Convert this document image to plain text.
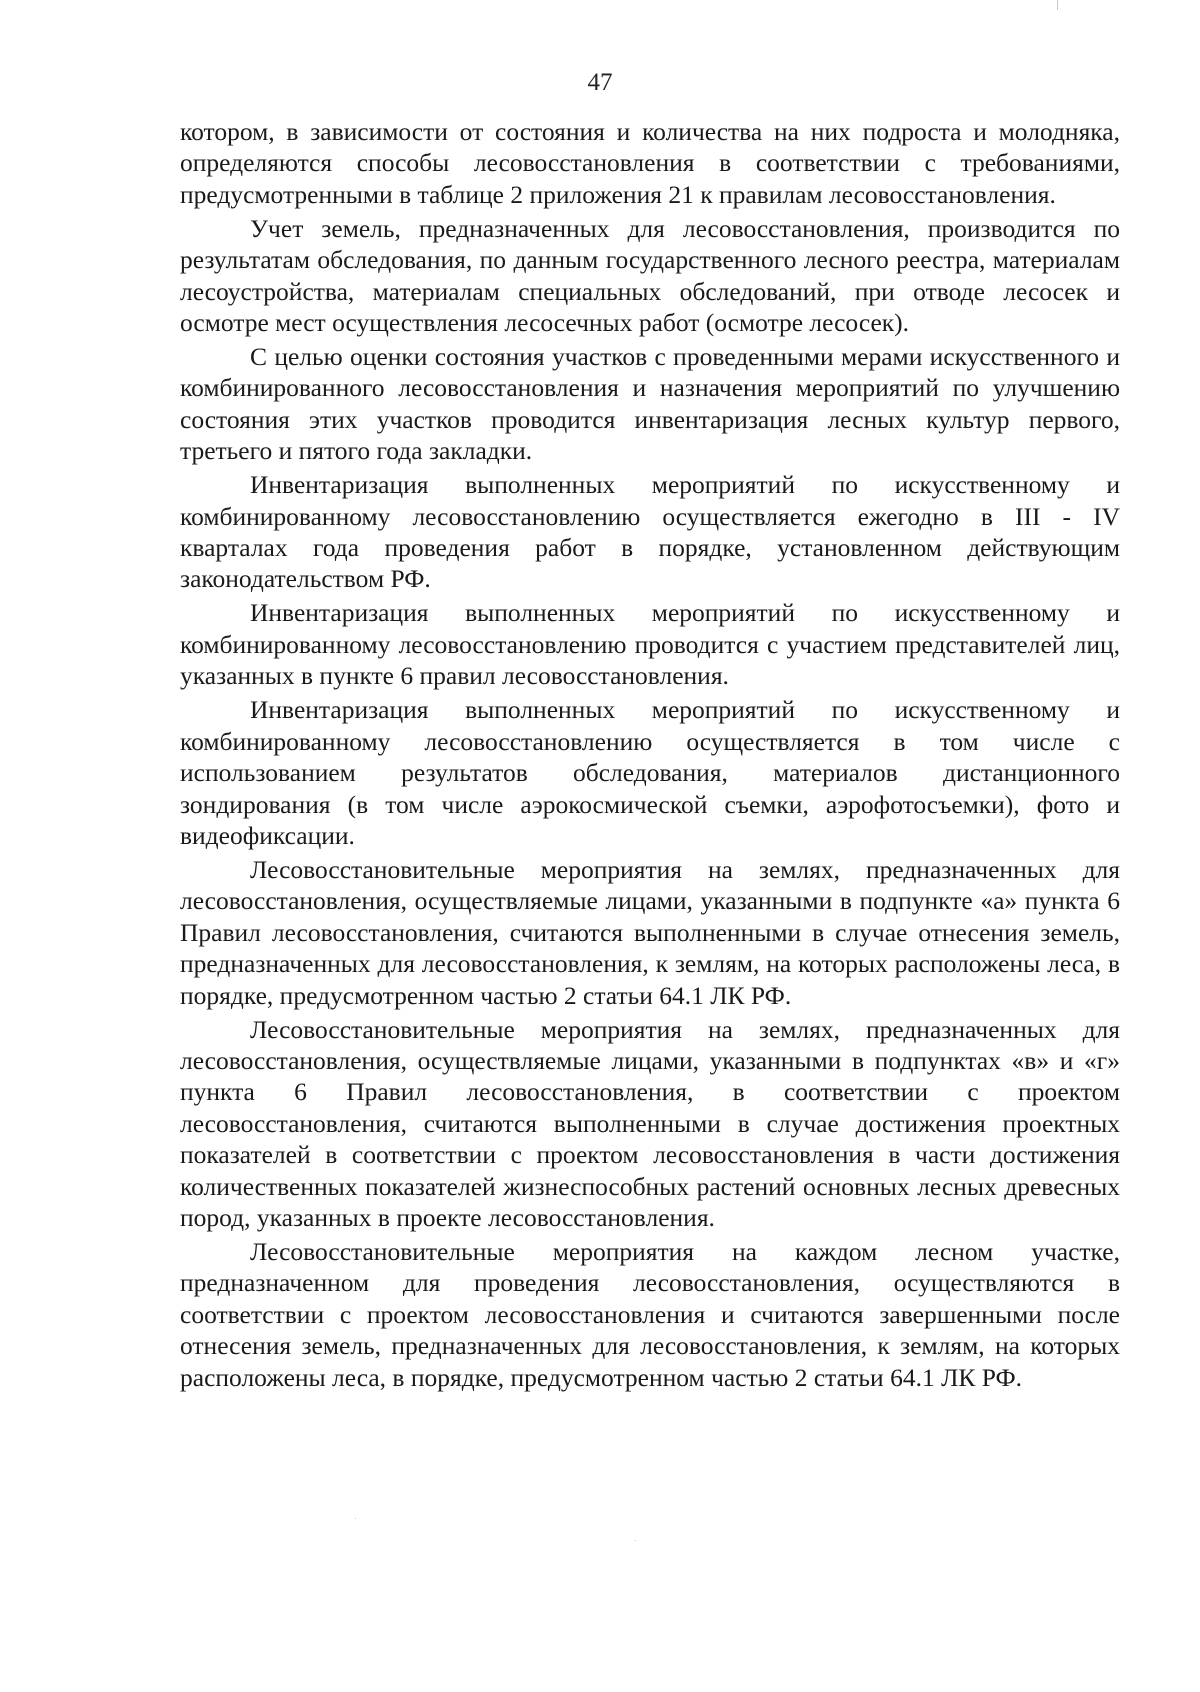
47

котором, в зависимости от состояния и количества на них подроста и молодняка, определяются способы лесовосстановления в соответствии с требованиями, предусмотренными в таблице 2 приложения 21 к правилам лесовосстановления.

Учет земель, предназначенных для лесовосстановления, производится по результатам обследования, по данным государственного лесного реестра, материалам лесоустройства, материалам специальных обследований, при отводе лесосек и осмотре мест осуществления лесосечных работ (осмотре лесосек).

С целью оценки состояния участков с проведенными мерами искусственного и комбинированного лесовосстановления и назначения мероприятий по улучшению состояния этих участков проводится инвентаризация лесных культур первого, третьего и пятого года закладки.

Инвентаризация выполненных мероприятий по искусственному и комбинированному лесовосстановлению осуществляется ежегодно в III - IV кварталах года проведения работ в порядке, установленном действующим законодательством РФ.

Инвентаризация выполненных мероприятий по искусственному и комбинированному лесовосстановлению проводится с участием представителей лиц, указанных в пункте 6 правил лесовосстановления.

Инвентаризация выполненных мероприятий по искусственному и комбинированному лесовосстановлению осуществляется в том числе с использованием результатов обследования, материалов дистанционного зондирования (в том числе аэрокосмической съемки, аэрофотосъемки), фото и видеофиксации.

Лесовосстановительные мероприятия на землях, предназначенных для лесовосстановления, осуществляемые лицами, указанными в подпункте «а» пункта 6 Правил лесовосстановления, считаются выполненными в случае отнесения земель, предназначенных для лесовосстановления, к землям, на которых расположены леса, в порядке, предусмотренном частью 2 статьи 64.1 ЛК РФ.

Лесовосстановительные мероприятия на землях, предназначенных для лесовосстановления, осуществляемые лицами, указанными в подпунктах «в» и «г» пункта 6 Правил лесовосстановления, в соответствии с проектом лесовосстановления, считаются выполненными в случае достижения проектных показателей в соответствии с проектом лесовосстановления в части достижения количественных показателей жизнеспособных растений основных лесных древесных пород, указанных в проекте лесовосстановления.

Лесовосстановительные мероприятия на каждом лесном участке, предназначенном для проведения лесовосстановления, осуществляются в соответствии с проектом лесовосстановления и считаются завершенными после отнесения земель, предназначенных для лесовосстановления, к землям, на которых расположены леса, в порядке, предусмотренном частью 2 статьи 64.1 ЛК РФ.
